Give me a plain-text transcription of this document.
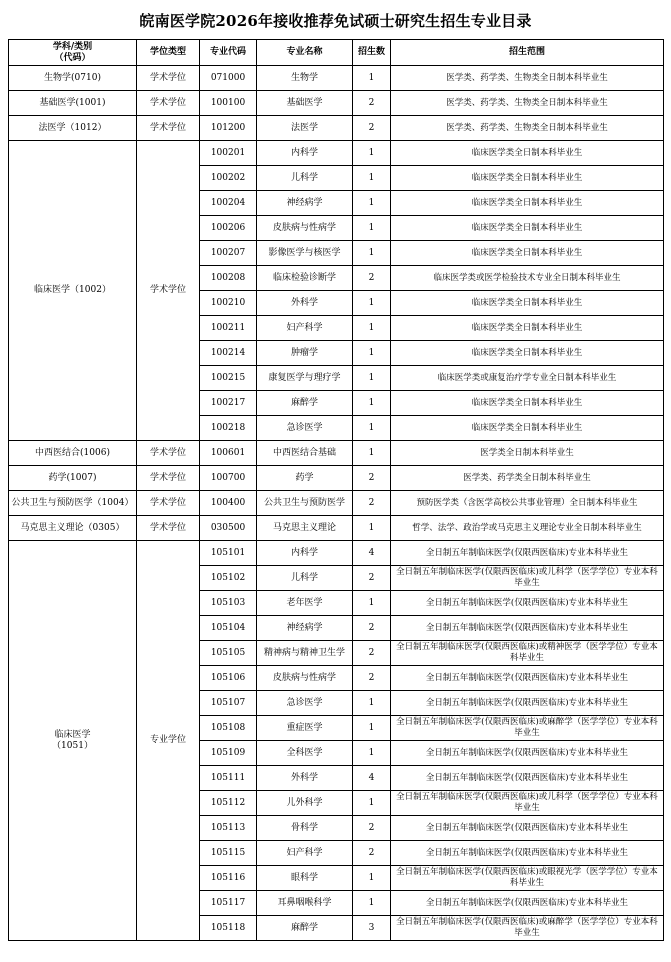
皖南医学院2026年接收推荐免试硕士研究生招生专业目录
学科/类别
（代码）	学位类型	专业代码	专业名称	招生数	招生范围
生物学(0710)	学术学位	071000	生物学	1	医学类、药学类、生物类全日制本科毕业生
基础医学(1001)	学术学位	100100	基础医学	2	医学类、药学类、生物类全日制本科毕业生
法医学（1012）	学术学位	101200	法医学	2	医学类、药学类、生物类全日制本科毕业生
临床医学（1002）	学术学位	100201	内科学	1	临床医学类全日制本科毕业生
		100202	儿科学	1	临床医学类全日制本科毕业生
		100204	神经病学	1	临床医学类全日制本科毕业生
		100206	皮肤病与性病学	1	临床医学类全日制本科毕业生
		100207	影像医学与核医学	1	临床医学类全日制本科毕业生
		100208	临床检验诊断学	2	临床医学类或医学检验技术专业全日制本科毕业生
		100210	外科学	1	临床医学类全日制本科毕业生
		100211	妇产科学	1	临床医学类全日制本科毕业生
		100214	肿瘤学	1	临床医学类全日制本科毕业生
		100215	康复医学与理疗学	1	临床医学类或康复治疗学专业全日制本科毕业生
		100217	麻醉学	1	临床医学类全日制本科毕业生
		100218	急诊医学	1	临床医学类全日制本科毕业生
中西医结合(1006)	学术学位	100601	中西医结合基础	1	医学类全日制本科毕业生
药学(1007)	学术学位	100700	药学	2	医学类、药学类全日制本科毕业生
公共卫生与预防医学（1004）	学术学位	100400	公共卫生与预防医学	2	预防医学类（含医学高校公共事业管理）全日制本科毕业生
马克思主义理论（0305）	学术学位	030500	马克思主义理论	1	哲学、法学、政治学或马克思主义理论专业全日制本科毕业生
临床医学
（1051）	专业学位	105101	内科学	4	全日制五年制临床医学(仅限西医临床)专业本科毕业生
		105102	儿科学	2	全日制五年制临床医学(仅限西医临床)或儿科学（医学学位）专业本科毕业生
		105103	老年医学	1	全日制五年制临床医学(仅限西医临床)专业本科毕业生
		105104	神经病学	2	全日制五年制临床医学(仅限西医临床)专业本科毕业生
		105105	精神病与精神卫生学	2	全日制五年制临床医学(仅限西医临床)或精神医学（医学学位）专业本科毕业生
		105106	皮肤病与性病学	2	全日制五年制临床医学(仅限西医临床)专业本科毕业生
		105107	急诊医学	1	全日制五年制临床医学(仅限西医临床)专业本科毕业生
		105108	重症医学	1	全日制五年制临床医学(仅限西医临床)或麻醉学（医学学位）专业本科毕业生
		105109	全科医学	1	全日制五年制临床医学(仅限西医临床)专业本科毕业生
		105111	外科学	4	全日制五年制临床医学(仅限西医临床)专业本科毕业生
		105112	儿外科学	1	全日制五年制临床医学(仅限西医临床)或儿科学（医学学位）专业本科毕业生
		105113	骨科学	2	全日制五年制临床医学(仅限西医临床)专业本科毕业生
		105115	妇产科学	2	全日制五年制临床医学(仅限西医临床)专业本科毕业生
		105116	眼科学	1	全日制五年制临床医学(仅限西医临床)或眼视光学（医学学位）专业本科毕业生
		105117	耳鼻咽喉科学	1	全日制五年制临床医学(仅限西医临床)专业本科毕业生
		105118	麻醉学	3	全日制五年制临床医学(仅限西医临床)或麻醉学（医学学位）专业本科毕业生
